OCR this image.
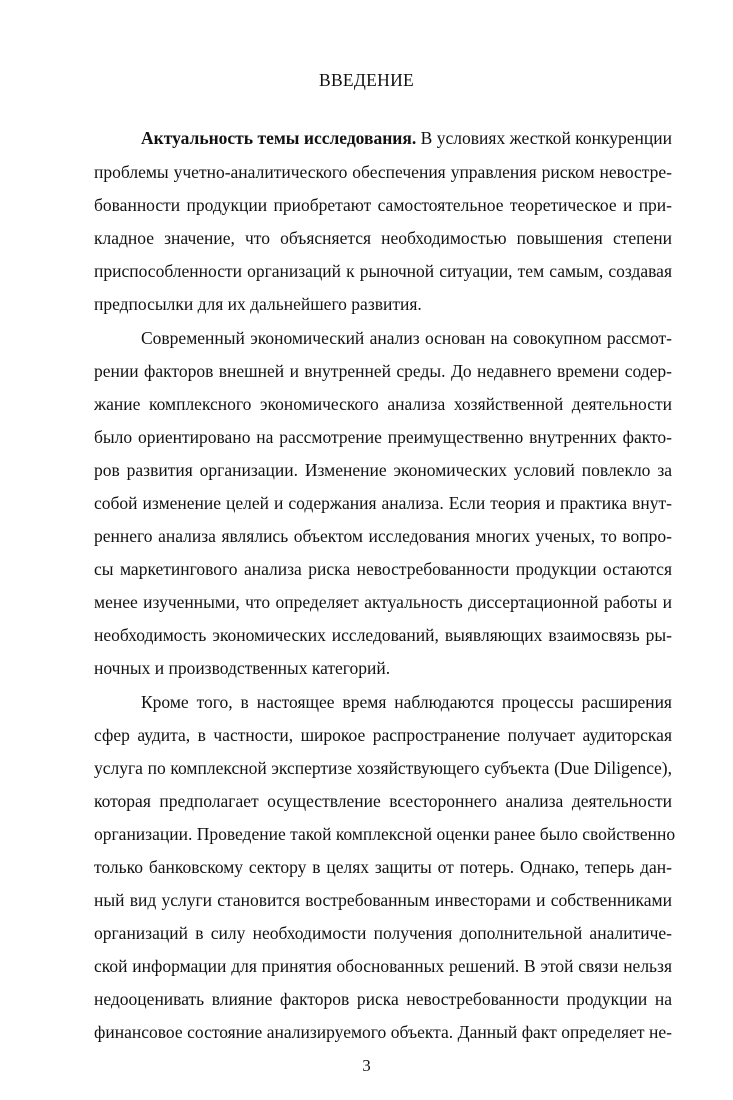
ВВЕДЕНИЕ
Актуальность темы исследования. В условиях жесткой конкуренции
проблемы учетно-аналитического обеспечения управления риском невостре-
бованности продукции приобретают самостоятельное теоретическое и при-
кладное значение, что объясняется необходимостью повышения степени
приспособленности организаций к рыночной ситуации, тем самым, создавая
предпосылки для их дальнейшего развития.
Современный экономический анализ основан на совокупном рассмот-
рении факторов внешней и внутренней среды. До недавнего времени содер-
жание комплексного экономического анализа хозяйственной деятельности
было ориентировано на рассмотрение преимущественно внутренних факто-
ров развития организации. Изменение экономических условий повлекло за
собой изменение целей и содержания анализа. Если теория и практика внут-
реннего анализа являлись объектом исследования многих ученых, то вопро-
сы маркетингового анализа риска невостребованности продукции остаются
менее изученными, что определяет актуальность диссертационной работы и
необходимость экономических исследований, выявляющих взаимосвязь ры-
ночных и производственных категорий.
Кроме того, в настоящее время наблюдаются процессы расширения
сфер аудита, в частности, широкое распространение получает аудиторская
услуга по комплексной экспертизе хозяйствующего субъекта (Due Diligence),
которая предполагает осуществление всестороннего анализа деятельности
организации. Проведение такой комплексной оценки ранее было свойственно
только банковскому сектору в целях защиты от потерь. Однако, теперь дан-
ный вид услуги становится востребованным инвесторами и собственниками
организаций в силу необходимости получения дополнительной аналитиче-
ской информации для принятия обоснованных решений. В этой связи нельзя
недооценивать влияние факторов риска невостребованности продукции на
финансовое состояние анализируемого объекта. Данный факт определяет не-
3
